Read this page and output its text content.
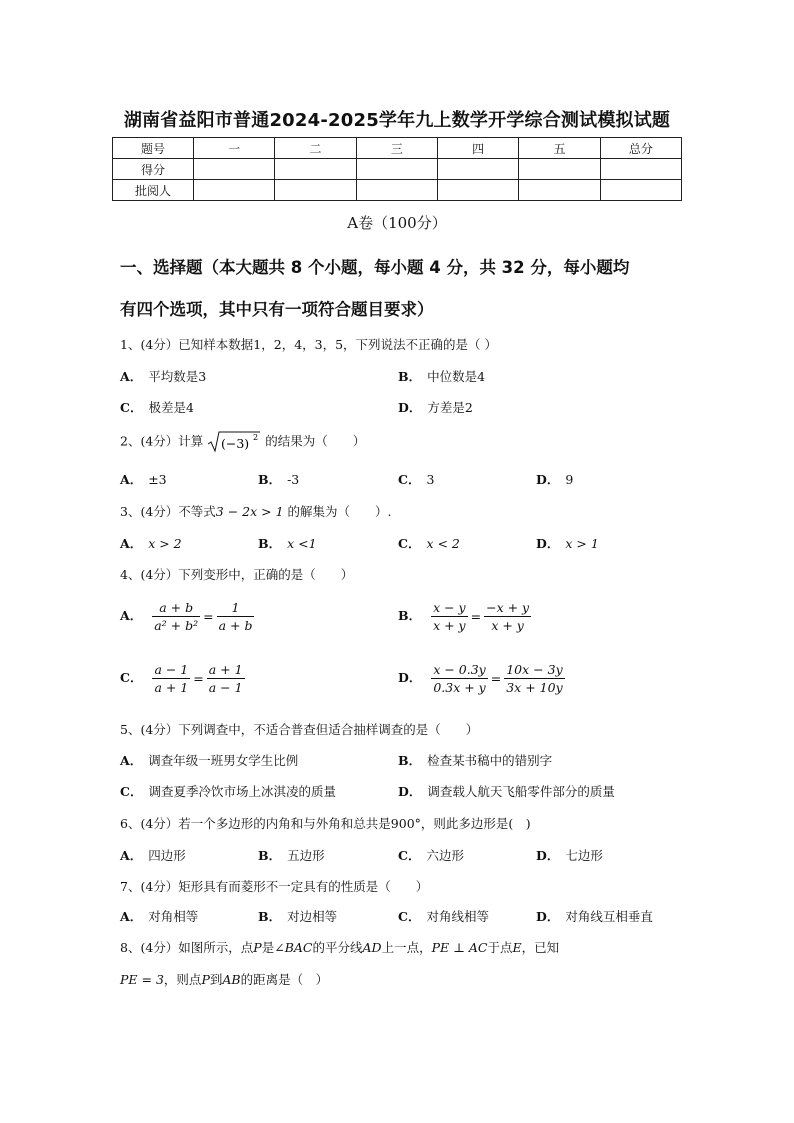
湖南省益阳市普通2024-2025学年九上数学开学综合测试模拟试题
题号	一	二	三	四	五	总分
得分						
批阅人						
A卷（100分）
一、选择题（本大题共 8 个小题，每小题 4 分，共 32 分，每小题均
有四个选项，其中只有一项符合题目要求）
1、(4分）已知样本数据1，2，4，3，5，下列说法不正确的是（ ）
A． 平均数是3	B． 中位数是4
C． 极差是4	D． 方差是2
2、(4分）计算 (−3) 2 的结果为（　　）
A． ±3	B． -3	C． 3	D． 9
3、(4分）不等式3 − 2x > 1 的解集为（　　）.
A． x > 2	B． x <1	C． x < 2	D． x > 1
4、(4分）下列变形中，正确的是（　　）
A． $\frac{a + b}{\text{a² + b²}} = \frac{1}{a + b}$	B． $\frac{x - y}{x + y} = \frac{-x + y}{x + y}$
C． $\frac{a - 1}{a + 1} = \frac{a + 1}{a - 1}$	D． $\frac{x - 0.3y}{0.3x + y} = \frac{10x - 3y}{3x + 10y}$
5、(4分）下列调查中，不适合普查但适合抽样调查的是（　　）
A． 调查年级一班男女学生比例	B． 检查某书稿中的错别字
C． 调查夏季冷饮市场上冰淇凌的质量	D． 调查载人航天飞船零件部分的质量
6、(4分）若一个多边形的内角和与外角和总共是900°，则此多边形是(　)
A． 四边形	B． 五边形	C． 六边形	D． 七边形
7、(4分）矩形具有而菱形不一定具有的性质是（　　）
A． 对角相等	B． 对边相等	C． 对角线相等	D． 对角线互相垂直
8、(4分）如图所示，点P是∠BAC的平分线AD上一点，PE ⊥ AC于点E，已知
PE = 3，则点P到AB的距离是（　）
